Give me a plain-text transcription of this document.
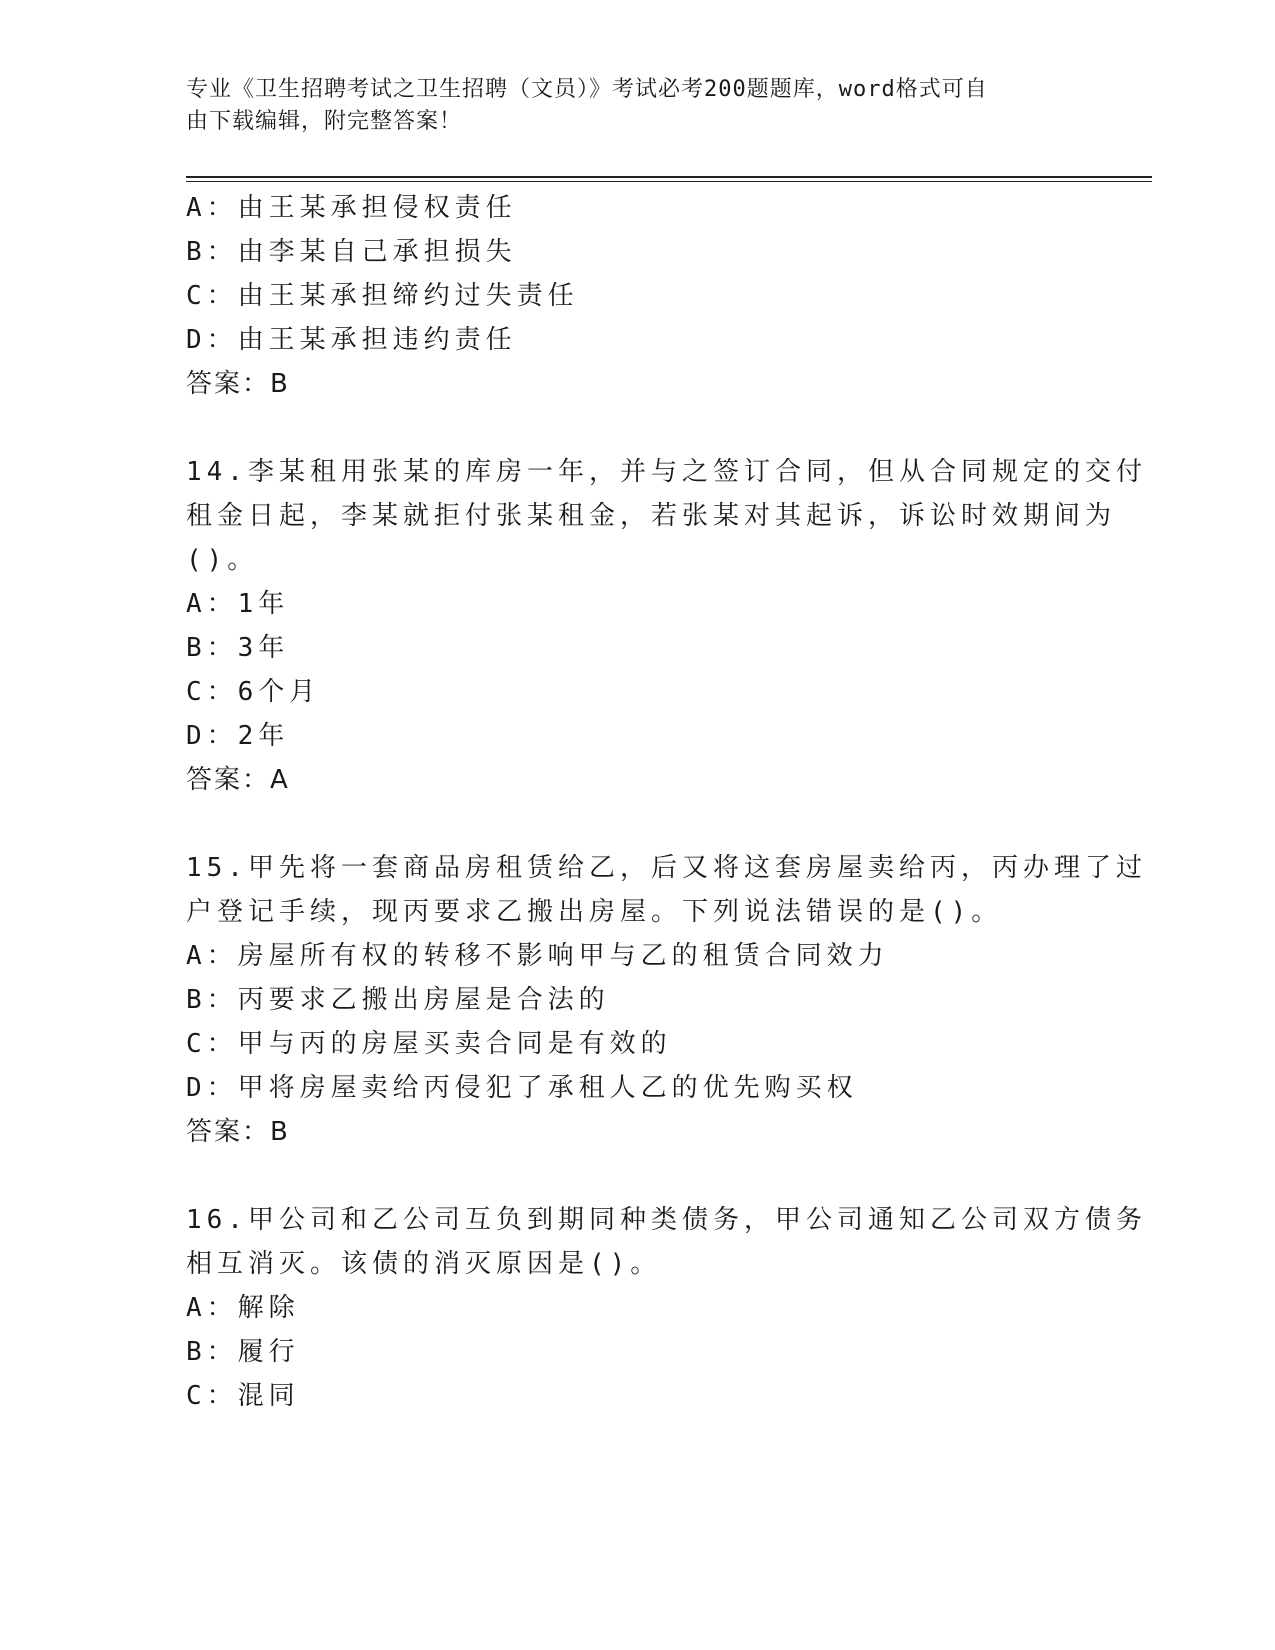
专业《卫生招聘考试之卫生招聘（文员）》考试必考200题题库，word格式可自
由下载编辑，附完整答案！
A：由王某承担侵权责任
B：由李某自己承担损失
C：由王某承担缔约过失责任
D：由王某承担违约责任
答案：B
14.李某租用张某的库房一年，并与之签订合同，但从合同规定的交付
租金日起，李某就拒付张某租金，若张某对其起诉，诉讼时效期间为
()。
A：1年
B：3年
C：6个月
D：2年
答案：A
15.甲先将一套商品房租赁给乙，后又将这套房屋卖给丙，丙办理了过
户登记手续，现丙要求乙搬出房屋。下列说法错误的是()。
A：房屋所有权的转移不影响甲与乙的租赁合同效力
B：丙要求乙搬出房屋是合法的
C：甲与丙的房屋买卖合同是有效的
D：甲将房屋卖给丙侵犯了承租人乙的优先购买权
答案：B
16.甲公司和乙公司互负到期同种类债务，甲公司通知乙公司双方债务
相互消灭。该债的消灭原因是()。
A：解除
B：履行
C：混同
